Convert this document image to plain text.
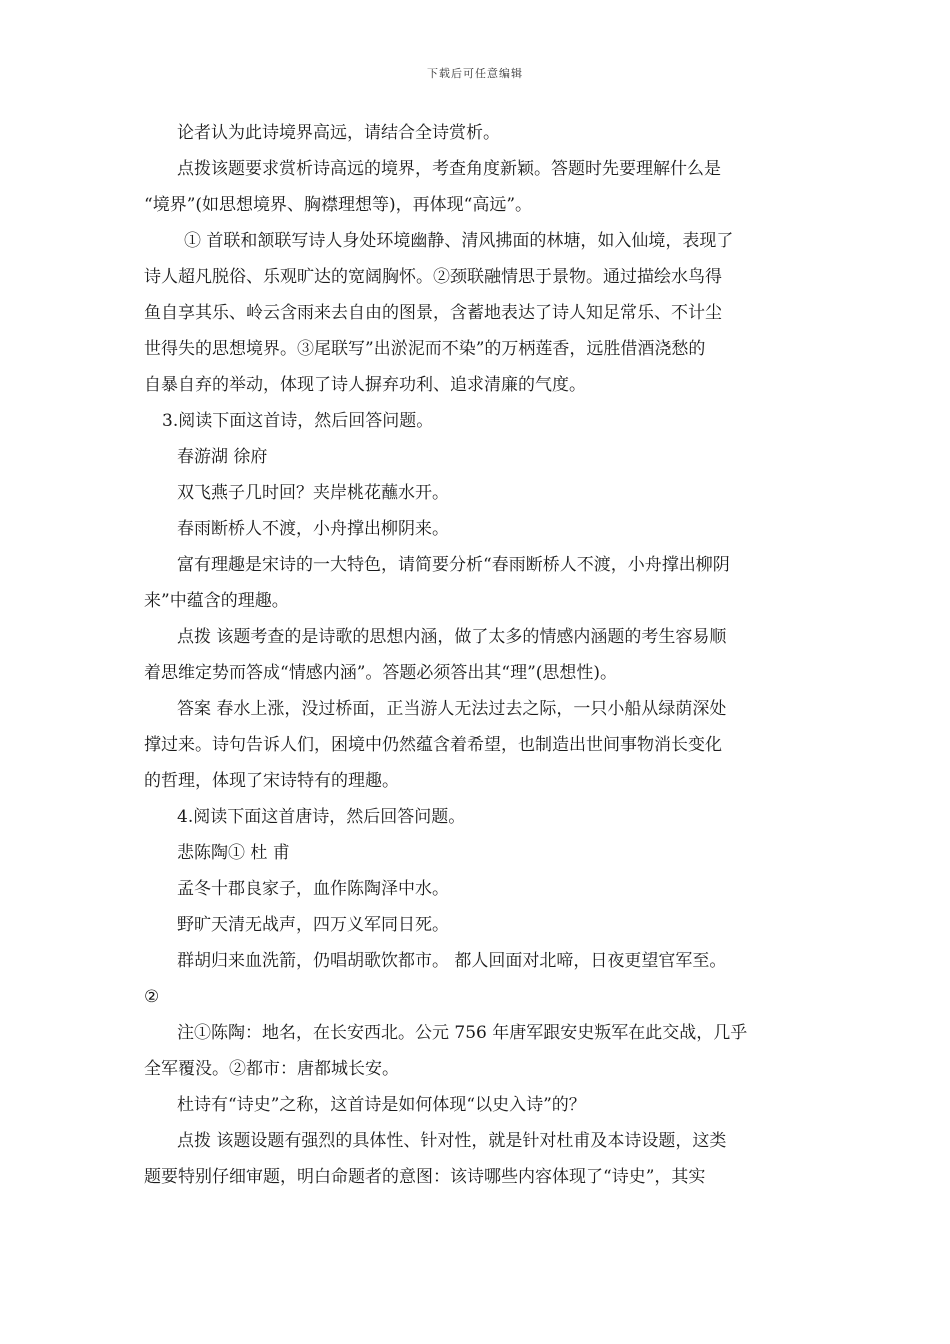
下载后可任意编辑

论者认为此诗境界高远，请结合全诗赏析。

点拨该题要求赏析诗高远的境界，考查角度新颖。答题时先要理解什么是

“境界”(如思想境界、胸襟理想等)，再体现“高远”。

① 首联和颔联写诗人身处环境幽静、清风拂面的林塘，如入仙境，表现了

诗人超凡脱俗、乐观旷达的宽阔胸怀。②颈联融情思于景物。通过描绘水鸟得

鱼自享其乐、岭云含雨来去自由的图景，含蓄地表达了诗人知足常乐、不计尘

世得失的思想境界。③尾联写”出淤泥而不染”的万柄莲香，远胜借酒浇愁的

自暴自弃的举动，体现了诗人摒弃功利、追求清廉的气度。

3.阅读下面这首诗，然后回答问题。

春游湖 徐府

双飞燕子几时回？夹岸桃花蘸水开。

春雨断桥人不渡，小舟撑出柳阴来。

富有理趣是宋诗的一大特色，请简要分析“春雨断桥人不渡，小舟撑出柳阴

来”中蕴含的理趣。

点拨 该题考查的是诗歌的思想内涵，做了太多的情感内涵题的考生容易顺

着思维定势而答成“情感内涵”。答题必须答出其“理”(思想性)。

答案 春水上涨，没过桥面，正当游人无法过去之际，一只小船从绿荫深处

撑过来。诗句告诉人们，困境中仍然蕴含着希望，也制造出世间事物消长变化

的哲理，体现了宋诗特有的理趣。

4.阅读下面这首唐诗，然后回答问题。

悲陈陶① 杜 甫

孟冬十郡良家子，血作陈陶泽中水。

野旷天清无战声，四万义军同日死。

群胡归来血洗箭，仍唱胡歌饮都市。 都人回面对北啼，日夜更望官军至。

②

注①陈陶：地名，在长安西北。公元 756 年唐军跟安史叛军在此交战，几乎

全军覆没。②都市：唐都城长安。

杜诗有“诗史”之称，这首诗是如何体现“以史入诗”的？

点拨 该题设题有强烈的具体性、针对性，就是针对杜甫及本诗设题，这类

题要特别仔细审题，明白命题者的意图：该诗哪些内容体现了“诗史”，其实
